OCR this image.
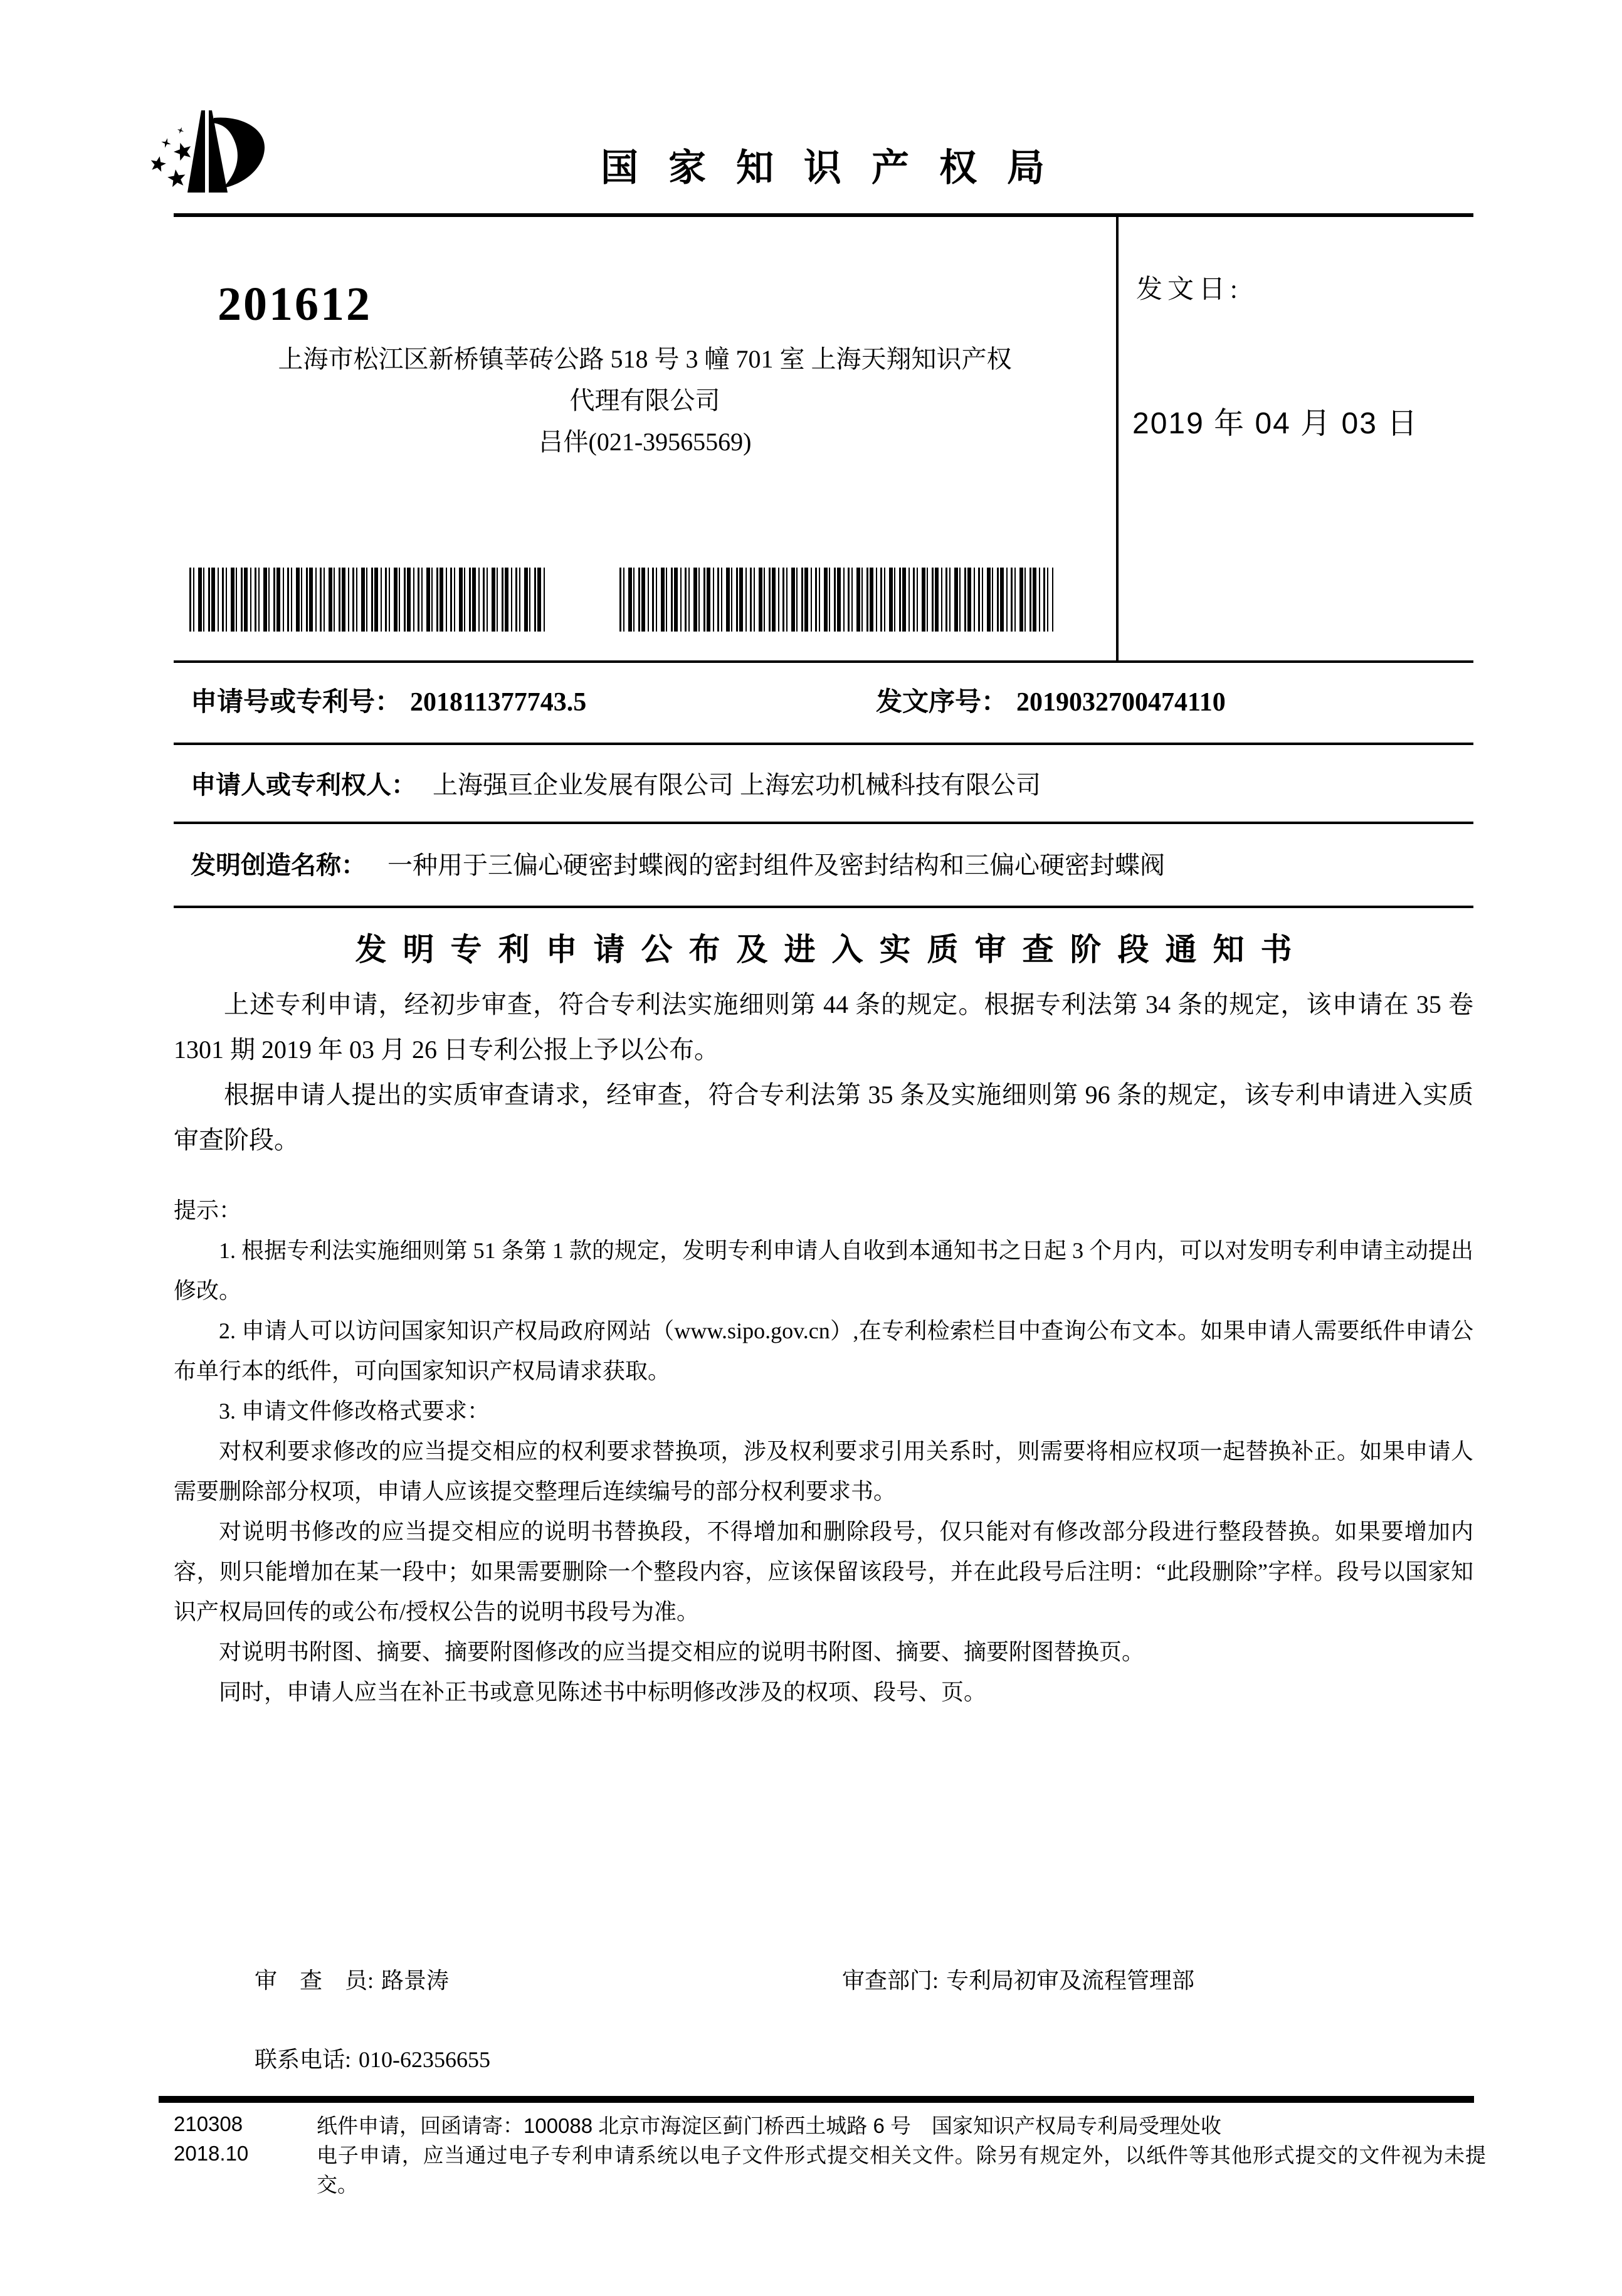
国家知识产权局
201612
上海市松江区新桥镇莘砖公路 518 号 3 幢 701 室 上海天翔知识产权
代理有限公司
吕伴(021-39565569)
发文日:
2019 年 04 月 03 日
申请号或专利号： 201811377743.5	发文序号： 2019032700474110
申请人或专利权人： 上海强亘企业发展有限公司 上海宏功机械科技有限公司
发明创造名称： 一种用于三偏心硬密封蝶阀的密封组件及密封结构和三偏心硬密封蝶阀
发明专利申请公布及进入实质审查阶段通知书

上述专利申请，经初步审查，符合专利法实施细则第 44 条的规定。根据专利法第 34 条的规定，该申请在 35 卷 1301 期 2019 年 03 月 26 日专利公报上予以公布。

根据申请人提出的实质审查请求，经审查，符合专利法第 35 条及实施细则第 96 条的规定，该专利申请进入实质审查阶段。

提示：

1. 根据专利法实施细则第 51 条第 1 款的规定，发明专利申请人自收到本通知书之日起 3 个月内，可以对发明专利申请主动提出修改。

2. 申请人可以访问国家知识产权局政府网站（www.sipo.gov.cn）,在专利检索栏目中查询公布文本。如果申请人需要纸件申请公布单行本的纸件，可向国家知识产权局请求获取。

3. 申请文件修改格式要求：

对权利要求修改的应当提交相应的权利要求替换项，涉及权利要求引用关系时，则需要将相应权项一起替换补正。如果申请人需要删除部分权项，申请人应该提交整理后连续编号的部分权利要求书。

对说明书修改的应当提交相应的说明书替换段，不得增加和删除段号，仅只能对有修改部分段进行整段替换。如果要增加内容，则只能增加在某一段中；如果需要删除一个整段内容，应该保留该段号，并在此段号后注明：“此段删除”字样。段号以国家知识产权局回传的或公布/授权公告的说明书段号为准。

对说明书附图、摘要、摘要附图修改的应当提交相应的说明书附图、摘要、摘要附图替换页。

同时，申请人应当在补正书或意见陈述书中标明修改涉及的权项、段号、页。

审　查　员: 路景涛	审查部门: 专利局初审及流程管理部
联系电话: 010-62356655
210308
2018.10

纸件申请，回函请寄：100088 北京市海淀区蓟门桥西土城路 6 号　国家知识产权局专利局受理处收

电子申请，应当通过电子专利申请系统以电子文件形式提交相关文件。除另有规定外，以纸件等其他形式提交的文件视为未提交。
